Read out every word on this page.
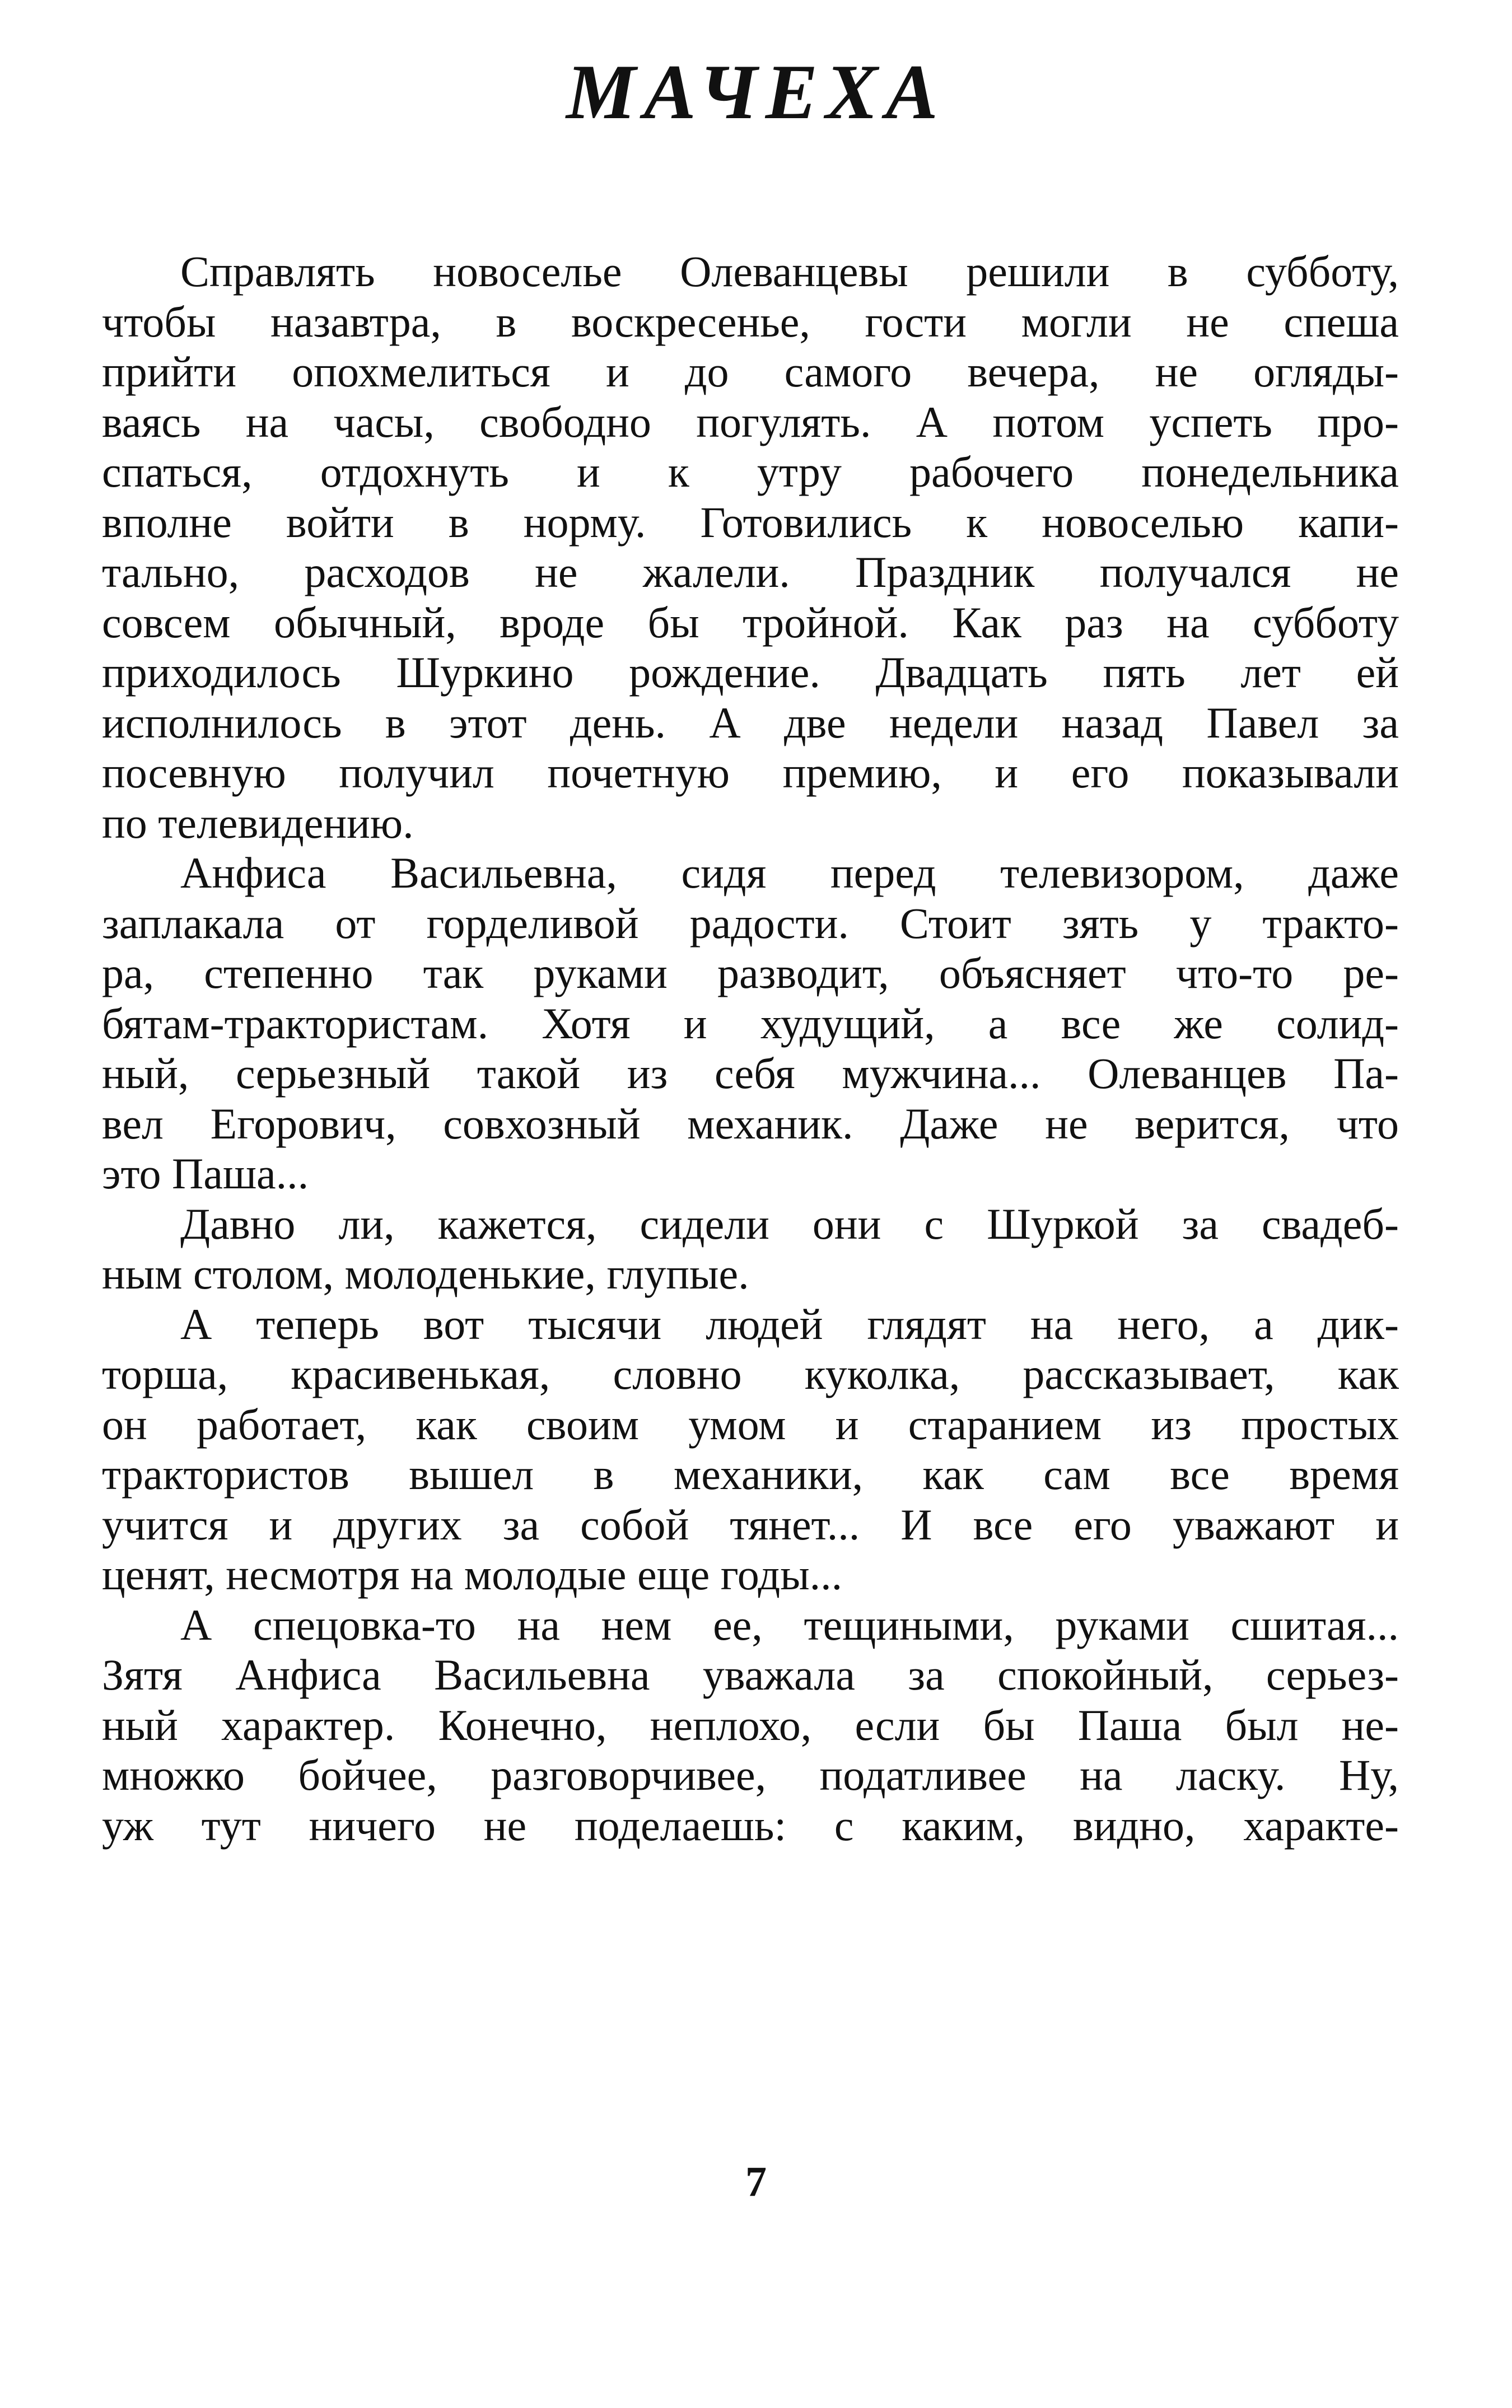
МАЧЕХА
Справлять новоселье Олеванцевы решили в субботу,
чтобы назавтра, в воскресенье, гости могли не спеша
прийти опохмелиться и до самого вечера, не огляды-
ваясь на часы, свободно погулять. А потом успеть про-
спаться, отдохнуть и к утру рабочего понедельника
вполне войти в норму. Готовились к новоселью капи-
тально, расходов не жалели. Праздник получался не
совсем обычный, вроде бы тройной. Как раз на субботу
приходилось Шуркино рождение. Двадцать пять лет ей
исполнилось в этот день. А две недели назад Павел за
посевную получил почетную премию, и его показывали
по телевидению.
Анфиса Васильевна, сидя перед телевизором, даже
заплакала от горделивой радости. Стоит зять у тракто-
ра, степенно так руками разводит, объясняет что-то ре-
бятам-трактористам. Хотя и худущий, а все же солид-
ный, серьезный такой из себя мужчина... Олеванцев Па-
вел Егорович, совхозный механик. Даже не верится, что
это Паша...
Давно ли, кажется, сидели они с Шуркой за свадеб-
ным столом, молоденькие, глупые.
А теперь вот тысячи людей глядят на него, а дик-
торша, красивенькая, словно куколка, рассказывает, как
он работает, как своим умом и старанием из простых
трактористов вышел в механики, как сам все время
учится и других за собой тянет... И все его уважают и
ценят, несмотря на молодые еще годы...
А спецовка-то на нем ее, тещиными, руками сшитая...
Зятя Анфиса Васильевна уважала за спокойный, серьез-
ный характер. Конечно, неплохо, если бы Паша был не-
множко бойчее, разговорчивее, податливее на ласку. Ну,
уж тут ничего не поделаешь: с каким, видно, характе-
7
